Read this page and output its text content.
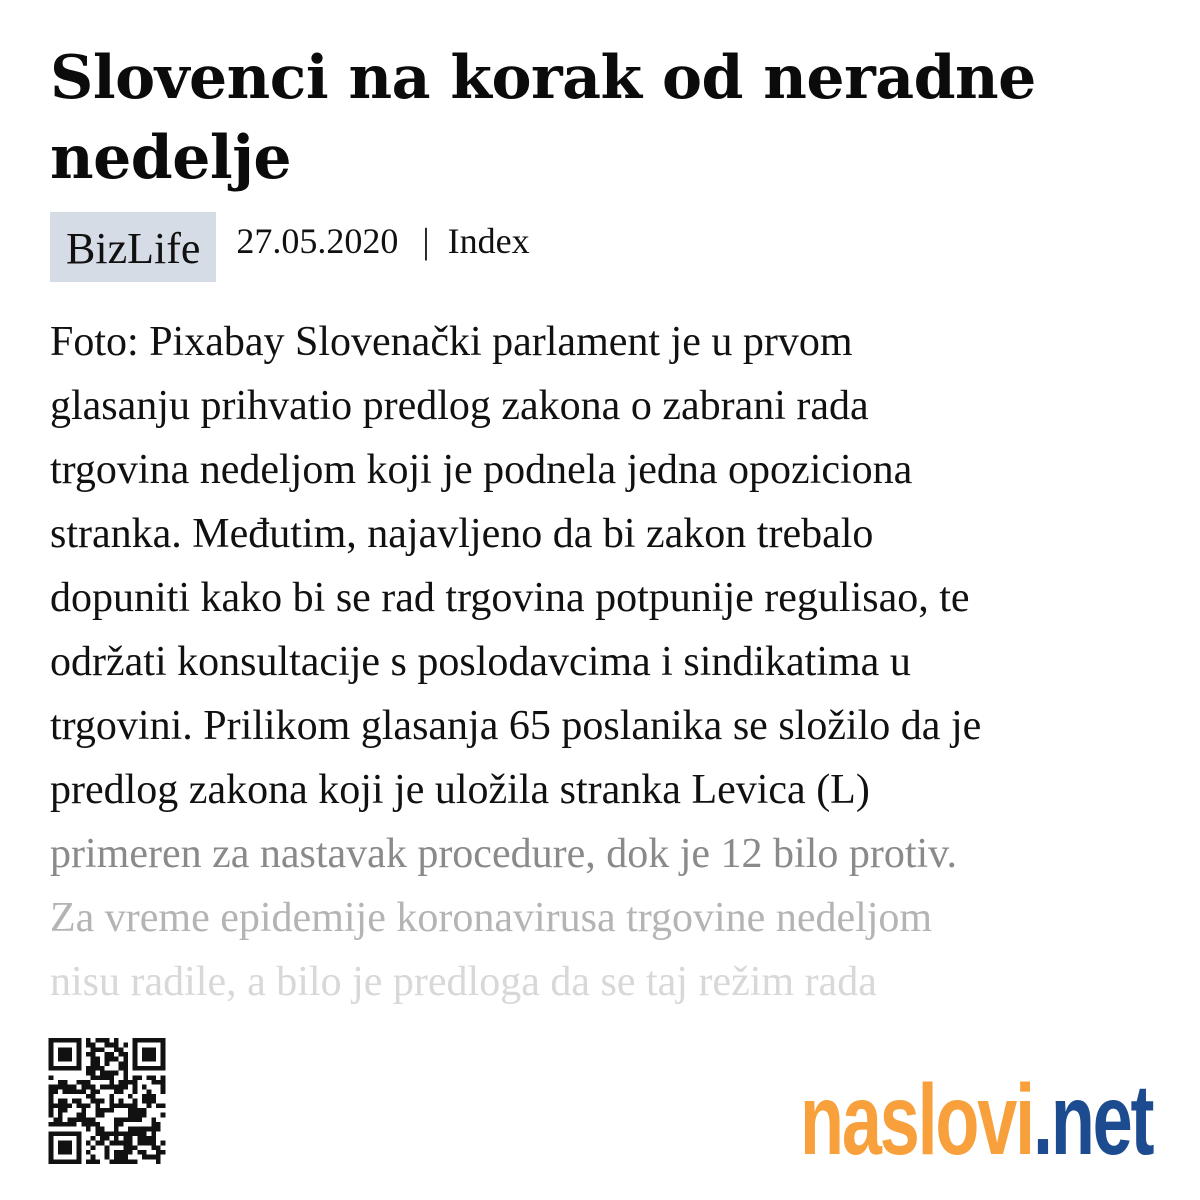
Slovenci na korak od neradne nedelje
BizLife	27.05.2020 | Index
Foto: Pixabay Slovenački parlament je u prvom
glasanju prihvatio predlog zakona o zabrani rada
trgovina nedeljom koji je podnela jedna opoziciona
stranka. Međutim, najavljeno da bi zakon trebalo
dopuniti kako bi se rad trgovina potpunije regulisao, te
održati konsultacije s poslodavcima i sindikatima u
trgovini. Prilikom glasanja 65 poslanika se složilo da je
predlog zakona koji je uložila stranka Levica (L)
primeren za nastavak procedure, dok je 12 bilo protiv.
Za vreme epidemije koronavirusa trgovine nedeljom
nisu radile, a bilo je predloga da se taj režim rada
naslovi .net
